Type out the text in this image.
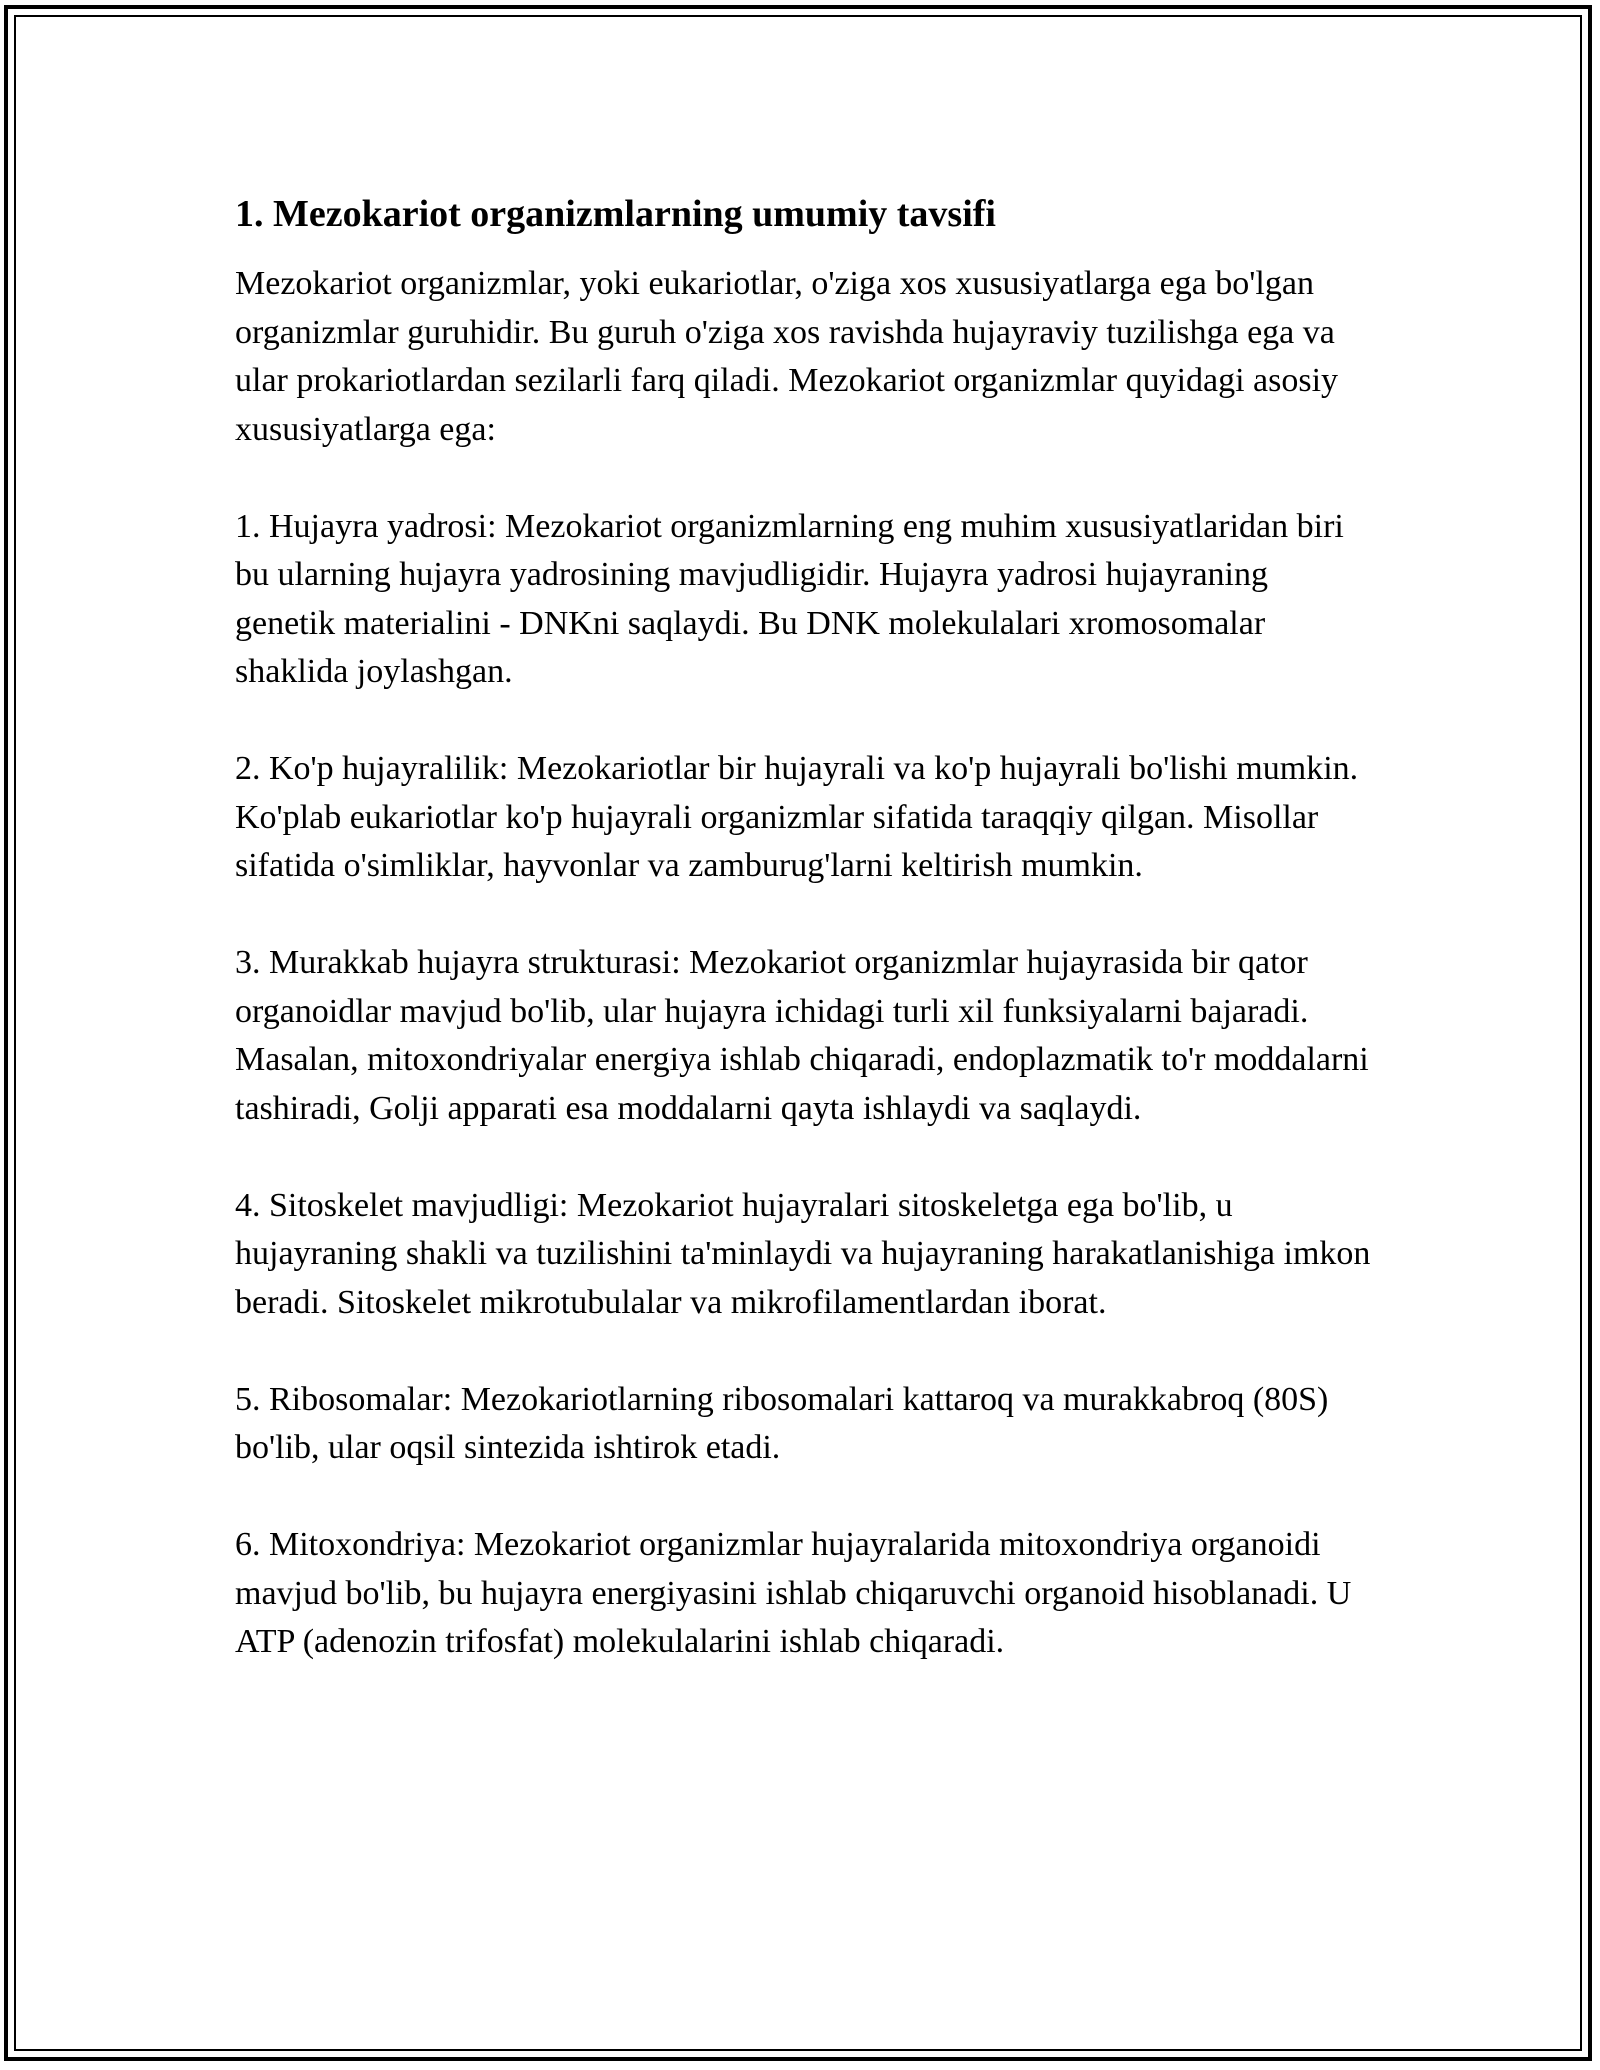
1. Mezokariot organizmlarning umumiy tavsifi

Mezokariot organizmlar, yoki eukariotlar, o'ziga xos xususiyatlarga ega bo'lgan organizmlar guruhidir. Bu guruh o'ziga xos ravishda hujayraviy tuzilishga ega va ular prokariotlardan sezilarli farq qiladi. Mezokariot organizmlar quyidagi asosiy xususiyatlarga ega:

1. Hujayra yadrosi: Mezokariot organizmlarning eng muhim xususiyatlaridan biri bu ularning hujayra yadrosining mavjudligidir. Hujayra yadrosi hujayraning genetik materialini - DNKni saqlaydi. Bu DNK molekulalari xromosomalar shaklida joylashgan.

2. Ko'p hujayralilik: Mezokariotlar bir hujayrali va ko'p hujayrali bo'lishi mumkin. Ko'plab eukariotlar ko'p hujayrali organizmlar sifatida taraqqiy qilgan. Misollar sifatida o'simliklar, hayvonlar va zamburug'larni keltirish mumkin.

3. Murakkab hujayra strukturasi: Mezokariot organizmlar hujayrasida bir qator organoidlar mavjud bo'lib, ular hujayra ichidagi turli xil funksiyalarni bajaradi. Masalan, mitoxondriyalar energiya ishlab chiqaradi, endoplazmatik to'r moddalarni tashiradi, Golji apparati esa moddalarni qayta ishlaydi va saqlaydi.

4. Sitoskelet mavjudligi: Mezokariot hujayralari sitoskeletga ega bo'lib, u hujayraning shakli va tuzilishini ta'minlaydi va hujayraning harakatlanishiga imkon beradi. Sitoskelet mikrotubulalar va mikrofilamentlardan iborat.

5. Ribosomalar: Mezokariotlarning ribosomalari kattaroq va murakkabroq (80S) bo'lib, ular oqsil sintezida ishtirok etadi.

6. Mitoxondriya: Mezokariot organizmlar hujayralarida mitoxondriya organoidi mavjud bo'lib, bu hujayra energiyasini ishlab chiqaruvchi organoid hisoblanadi. U ATP (adenozin trifosfat) molekulalarini ishlab chiqaradi.
